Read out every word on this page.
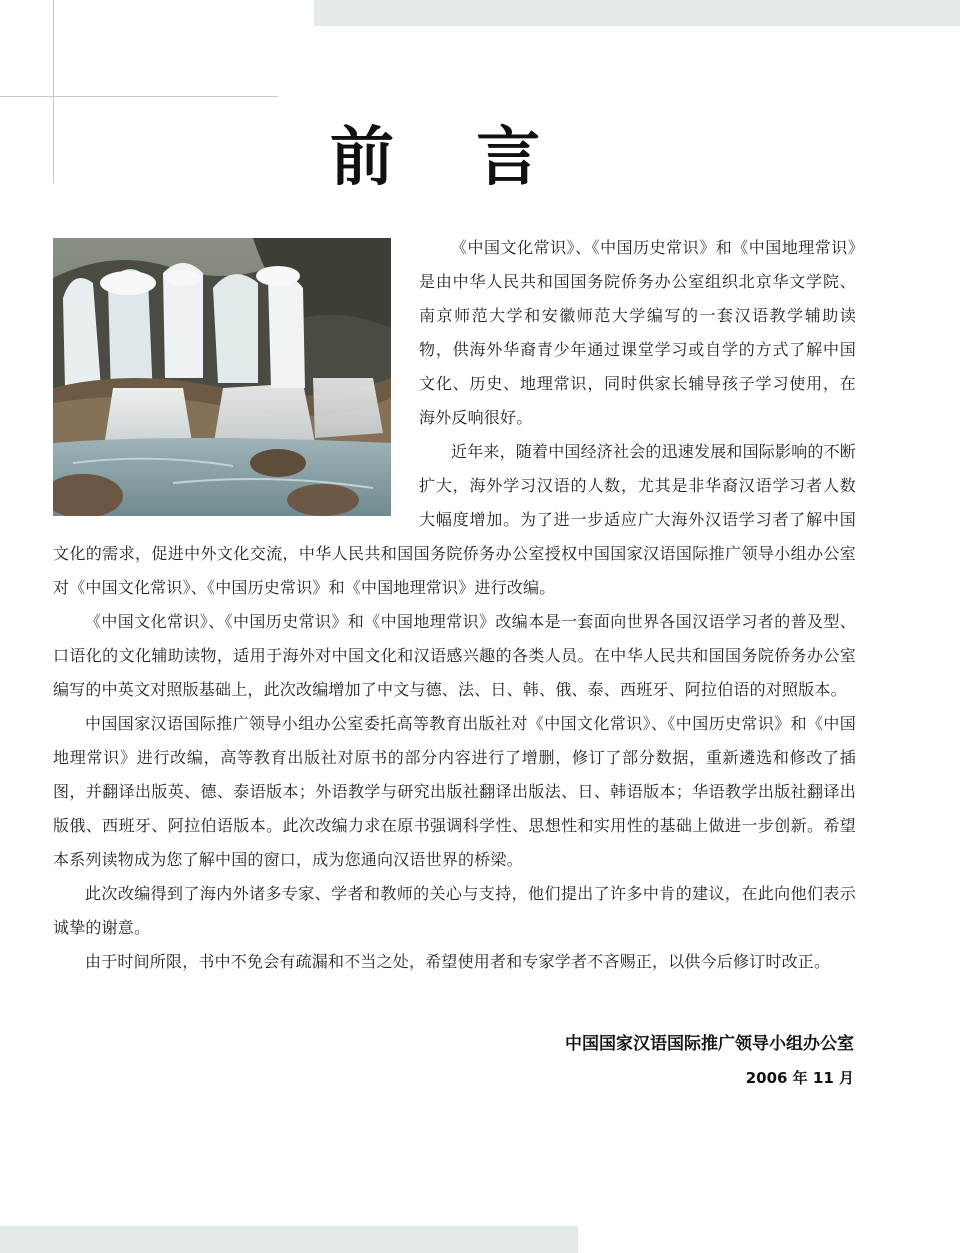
前 言

《中国文化常识》、《中国历史常识》和《中国地理常识》是由中华人民共和国国务院侨务办公室组织北京华文学院、南京师范大学和安徽师范大学编写的一套汉语教学辅助读物，供海外华裔青少年通过课堂学习或自学的方式了解中国文化、历史、地理常识，同时供家长辅导孩子学习使用，在海外反响很好。

近年来，随着中国经济社会的迅速发展和国际影响的不断扩大，海外学习汉语的人数，尤其是非华裔汉语学习者人数大幅度增加。为了进一步适应广大海外汉语学习者了解中国文化的需求，促进中外文化交流，中华人民共和国国务院侨务办公室授权中国国家汉语国际推广领导小组办公室对《中国文化常识》、《中国历史常识》和《中国地理常识》进行改编。

《中国文化常识》、《中国历史常识》和《中国地理常识》改编本是一套面向世界各国汉语学习者的普及型、口语化的文化辅助读物，适用于海外对中国文化和汉语感兴趣的各类人员。在中华人民共和国国务院侨务办公室编写的中英文对照版基础上，此次改编增加了中文与德、法、日、韩、俄、泰、西班牙、阿拉伯语的对照版本。

中国国家汉语国际推广领导小组办公室委托高等教育出版社对《中国文化常识》、《中国历史常识》和《中国地理常识》进行改编，高等教育出版社对原书的部分内容进行了增删，修订了部分数据，重新遴选和修改了插图，并翻译出版英、德、泰语版本；外语教学与研究出版社翻译出版法、日、韩语版本；华语教学出版社翻译出版俄、西班牙、阿拉伯语版本。此次改编力求在原书强调科学性、思想性和实用性的基础上做进一步创新。希望本系列读物成为您了解中国的窗口，成为您通向汉语世界的桥梁。

此次改编得到了海内外诸多专家、学者和教师的关心与支持，他们提出了许多中肯的建议，在此向他们表示诚挚的谢意。

由于时间所限，书中不免会有疏漏和不当之处，希望使用者和专家学者不吝赐正，以供今后修订时改正。

中国国家汉语国际推广领导小组办公室
2006 年 11 月
